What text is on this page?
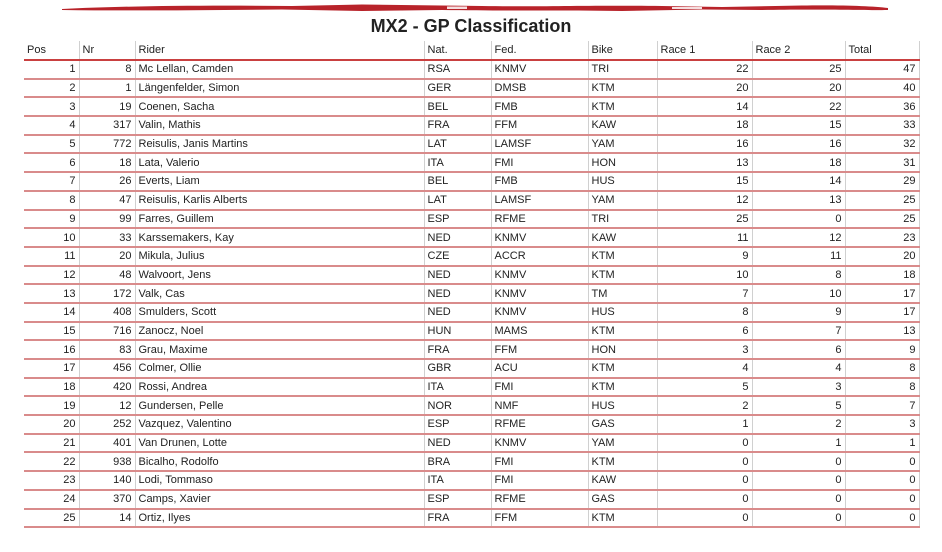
MX2 - GP Classification
Pos	Nr	Rider	Nat.	Fed.	Bike	Race 1	Race 2	Total
1	8	Mc Lellan, Camden	RSA	KNMV	TRI	22	25	47
2	1	Längenfelder, Simon	GER	DMSB	KTM	20	20	40
3	19	Coenen, Sacha	BEL	FMB	KTM	14	22	36
4	317	Valin, Mathis	FRA	FFM	KAW	18	15	33
5	772	Reisulis, Janis Martins	LAT	LAMSF	YAM	16	16	32
6	18	Lata, Valerio	ITA	FMI	HON	13	18	31
7	26	Everts, Liam	BEL	FMB	HUS	15	14	29
8	47	Reisulis, Karlis Alberts	LAT	LAMSF	YAM	12	13	25
9	99	Farres, Guillem	ESP	RFME	TRI	25	0	25
10	33	Karssemakers, Kay	NED	KNMV	KAW	11	12	23
11	20	Mikula, Julius	CZE	ACCR	KTM	9	11	20
12	48	Walvoort, Jens	NED	KNMV	KTM	10	8	18
13	172	Valk, Cas	NED	KNMV	TM	7	10	17
14	408	Smulders, Scott	NED	KNMV	HUS	8	9	17
15	716	Zanocz, Noel	HUN	MAMS	KTM	6	7	13
16	83	Grau, Maxime	FRA	FFM	HON	3	6	9
17	456	Colmer, Ollie	GBR	ACU	KTM	4	4	8
18	420	Rossi, Andrea	ITA	FMI	KTM	5	3	8
19	12	Gundersen, Pelle	NOR	NMF	HUS	2	5	7
20	252	Vazquez, Valentino	ESP	RFME	GAS	1	2	3
21	401	Van Drunen, Lotte	NED	KNMV	YAM	0	1	1
22	938	Bicalho, Rodolfo	BRA	FMI	KTM	0	0	0
23	140	Lodi, Tommaso	ITA	FMI	KAW	0	0	0
24	370	Camps, Xavier	ESP	RFME	GAS	0	0	0
25	14	Ortiz, Ilyes	FRA	FFM	KTM	0	0	0
